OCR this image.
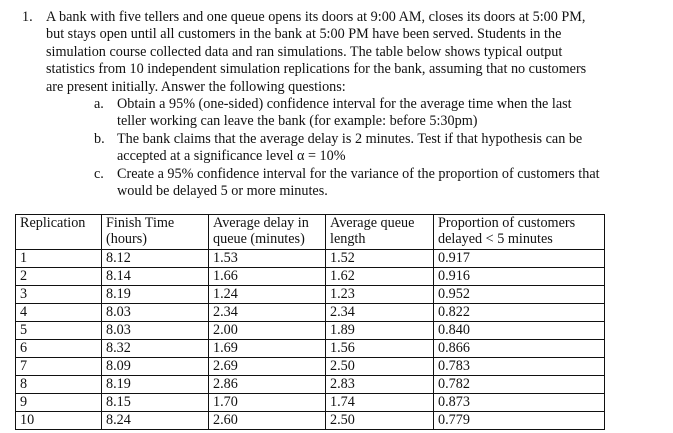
1. A bank with five tellers and one queue opens its doors at 9:00 AM, closes its doors at 5:00 PM, but stays open until all customers in the bank at 5:00 PM have been served. Students in the simulation course collected data and ran simulations. The table below shows typical output statistics from 10 independent simulation replications for the bank, assuming that no customers are present initially. Answer the following questions:
a. Obtain a 95% (one-sided) confidence interval for the average time when the last teller working can leave the bank (for example: before 5:30pm)
b. The bank claims that the average delay is 2 minutes. Test if that hypothesis can be accepted at a significance level α = 10%
c. Create a 95% confidence interval for the variance of the proportion of customers that would be delayed 5 or more minutes.
Replication	Finish Time (hours)	Average delay in queue (minutes)	Average queue length	Proportion of customers delayed < 5 minutes
1	8.12	1.53	1.52	0.917
2	8.14	1.66	1.62	0.916
3	8.19	1.24	1.23	0.952
4	8.03	2.34	2.34	0.822
5	8.03	2.00	1.89	0.840
6	8.32	1.69	1.56	0.866
7	8.09	2.69	2.50	0.783
8	8.19	2.86	2.83	0.782
9	8.15	1.70	1.74	0.873
10	8.24	2.60	2.50	0.779
